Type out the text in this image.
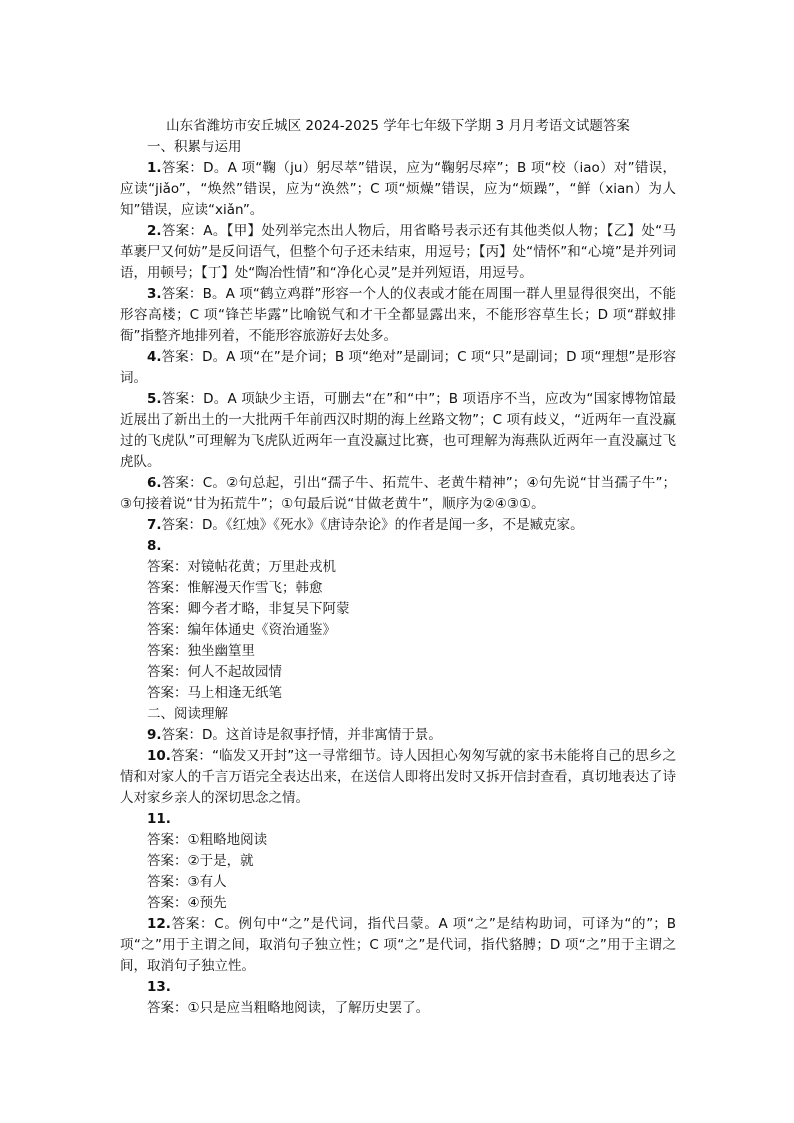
山东省潍坊市安丘城区 2024-2025 学年七年级下学期 3 月月考语文试题答案

一、积累与运用

1.答案：D。A 项“鞠（ju）躬尽萃”错误，应为“鞠躬尽瘁”；B 项“校（iao）对”错误，应读“jiǎo”，“焕然”错误，应为“涣然”；C 项“烦燥”错误，应为“烦躁”，“鲜（xian）为人知”错误，应读“xiǎn”。

2.答案：A。【甲】处列举完杰出人物后，用省略号表示还有其他类似人物；【乙】处“马革裹尸又何妨”是反问语气，但整个句子还未结束，用逗号；【丙】处“情怀”和“心境”是并列词语，用顿号；【丁】处“陶冶性情”和“净化心灵”是并列短语，用逗号。

3.答案：B。A 项“鹤立鸡群”形容一个人的仪表或才能在周围一群人里显得很突出，不能形容高楼；C 项“锋芒毕露”比喻锐气和才干全都显露出来，不能形容草生长；D 项“群蚁排衙”指整齐地排列着，不能形容旅游好去处多。

4.答案：D。A 项“在”是介词；B 项“绝对”是副词；C 项“只”是副词；D 项“理想”是形容词。

5.答案：D。A 项缺少主语，可删去“在”和“中”；B 项语序不当，应改为“国家博物馆最近展出了新出土的一大批两千年前西汉时期的海上丝路文物”；C 项有歧义，“近两年一直没赢过的飞虎队”可理解为飞虎队近两年一直没赢过比赛，也可理解为海燕队近两年一直没赢过飞虎队。

6.答案：C。②句总起，引出“孺子牛、拓荒牛、老黄牛精神”；④句先说“甘当孺子牛”；③句接着说“甘为拓荒牛”；①句最后说“甘做老黄牛”，顺序为②④③①。

7.答案：D。《红烛》《死水》《唐诗杂论》的作者是闻一多，不是臧克家。

8.

答案：对镜帖花黄；万里赴戎机

答案：惟解漫天作雪飞；韩愈

答案：卿今者才略，非复吴下阿蒙

答案：编年体通史《资治通鉴》

答案：独坐幽篁里

答案：何人不起故园情

答案：马上相逢无纸笔

二、阅读理解

9.答案：D。这首诗是叙事抒情，并非寓情于景。

10.答案：“临发又开封”这一寻常细节。诗人因担心匆匆写就的家书未能将自己的思乡之情和对家人的千言万语完全表达出来，在送信人即将出发时又拆开信封查看，真切地表达了诗人对家乡亲人的深切思念之情。

11.

答案：①粗略地阅读

答案：②于是，就

答案：③有人

答案：④预先

12.答案：C。例句中“之”是代词，指代吕蒙。A 项“之”是结构助词，可译为“的”；B 项“之”用于主谓之间，取消句子独立性；C 项“之”是代词，指代貉膊；D 项“之”用于主谓之间，取消句子独立性。

13.

答案：①只是应当粗略地阅读，了解历史罢了。
